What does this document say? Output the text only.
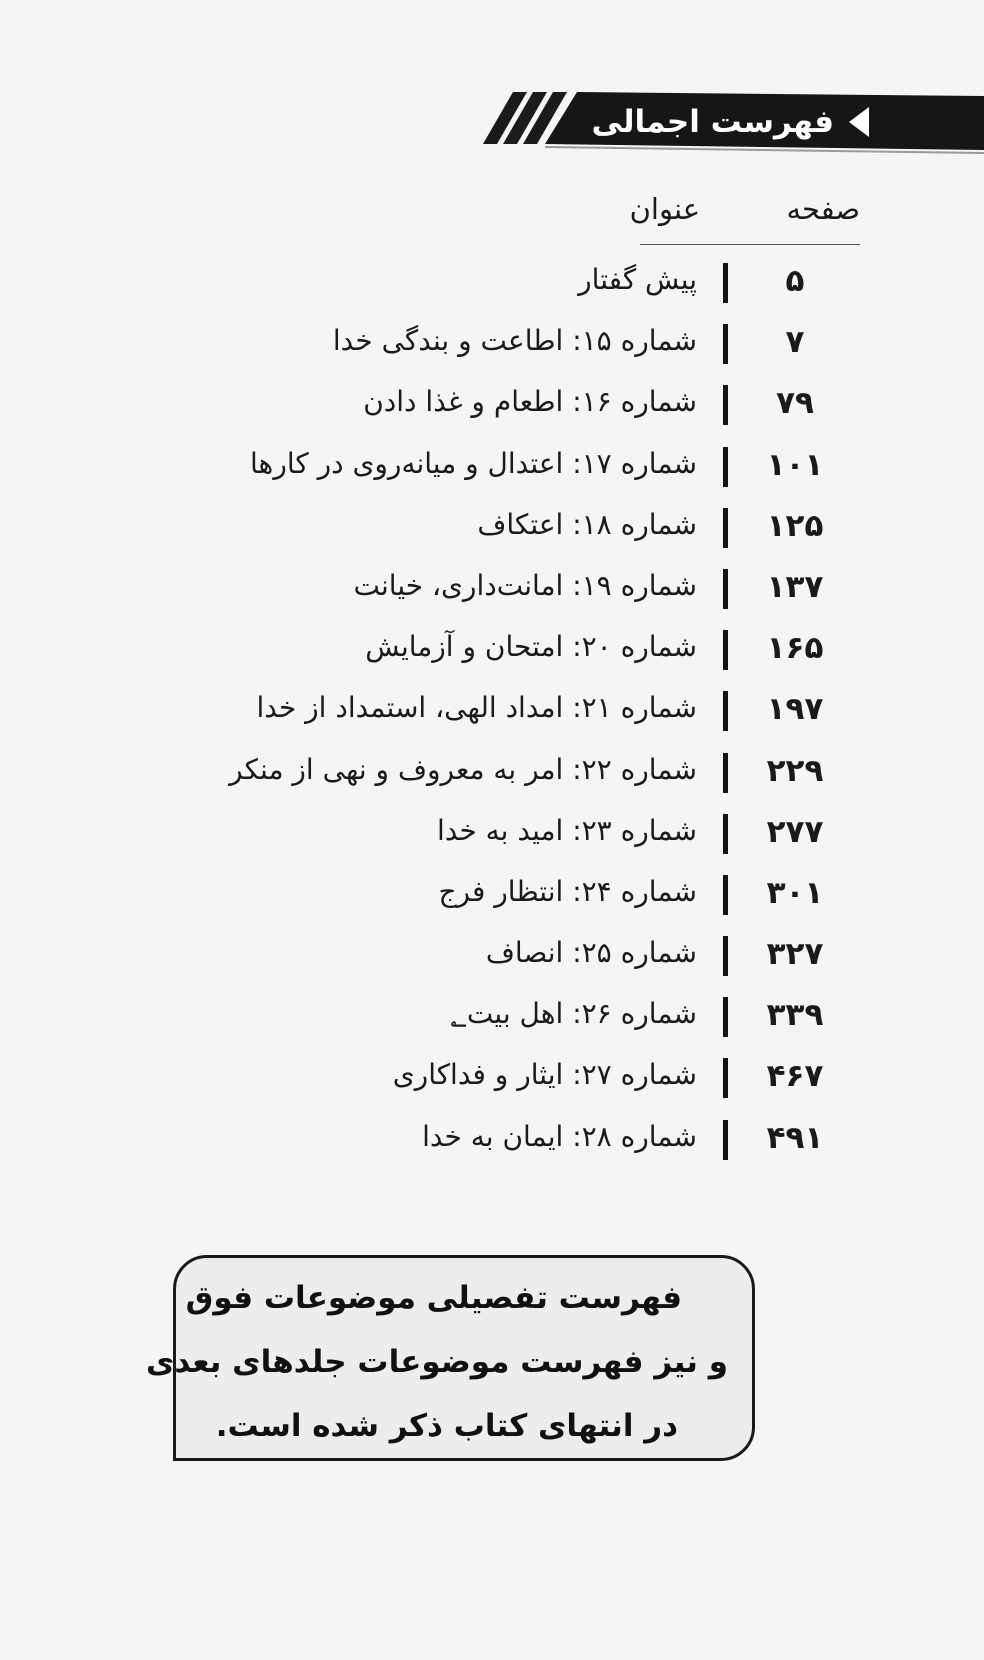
فهرست اجمالی
صفحه
عنوان
۵
پیش گفتار
۷
شماره ۱۵: اطاعت و بندگی خدا
۷۹
شماره ۱۶: اطعام و غذا دادن
۱۰۱
شماره ۱۷: اعتدال و میانه‌روی در کارها
۱۲۵
شماره ۱۸: اعتکاف
۱۳۷
شماره ۱۹: امانت‌داری، خیانت
۱۶۵
شماره ۲۰: امتحان و آزمایش
۱۹۷
شماره ۲۱: امداد الهی، استمداد از خدا
۲۲۹
شماره ۲۲: امر به معروف و نهی از منکر
۲۷۷
شماره ۲۳: امید به خدا
۳۰۱
شماره ۲۴: انتظار فرج
۳۲۷
شماره ۲۵: انصاف
۳۳۹
شماره ۲۶: اهل بیت؂
۴۶۷
شماره ۲۷: ایثار و فداکاری
۴۹۱
شماره ۲۸: ایمان به خدا
فهرست تفصیلی موضوعات فوق
و نیز فهرست موضوعات جلدهای بعدی
در انتهای کتاب ذکر شده است.
